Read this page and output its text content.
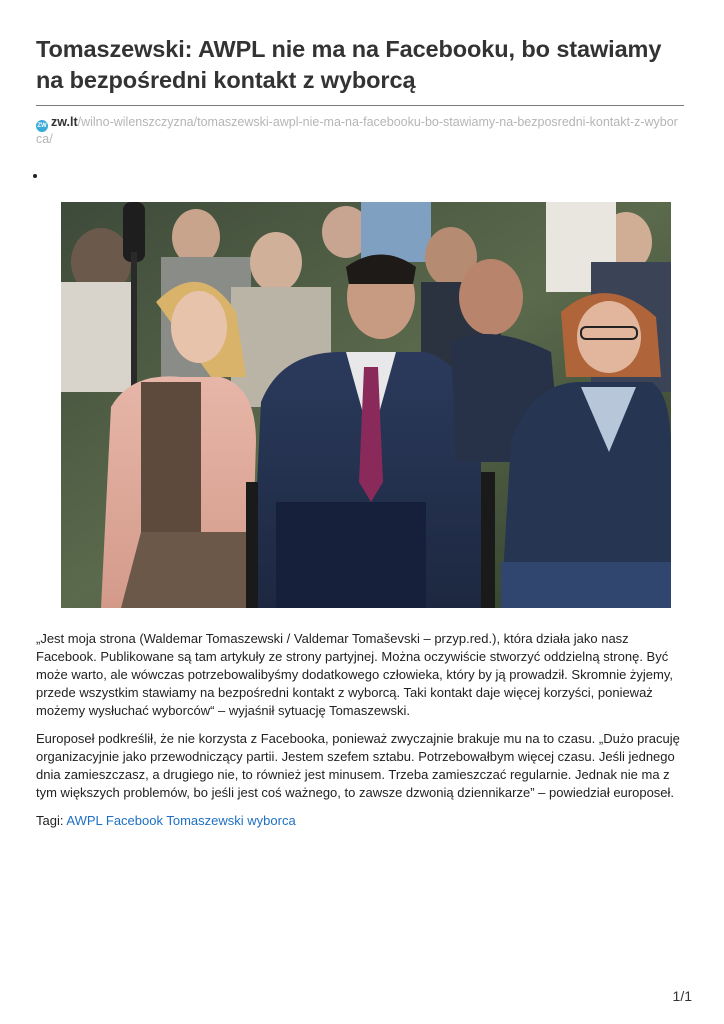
Tomaszewski: AWPL nie ma na Facebooku, bo stawiamy na bezpośredni kontakt z wyborcą
ZW zw.lt/wilno-wilenszczyzna/tomaszewski-awpl-nie-ma-na-facebooku-bo-stawiamy-na-bezposredni-kontakt-z-wyborca/
•

„Jest moja strona (Waldemar Tomaszewski / Valdemar Tomaševski – przyp.red.), która działa jako nasz Facebook. Publikowane są tam artykuły ze strony partyjnej. Można oczywiście stworzyć oddzielną stronę. Być może warto, ale wówczas potrzebowalibyśmy dodatkowego człowieka, który by ją prowadził. Skromnie żyjemy, przede wszystkim stawiamy na bezpośredni kontakt z wyborcą. Taki kontakt daje więcej korzyści, ponieważ możemy wysłuchać wyborców“ – wyjaśnił sytuację Tomaszewski.

Europoseł podkreślił, że nie korzysta z Facebooka, ponieważ zwyczajnie brakuje mu na to czasu. „Dużo pracuję organizacyjnie jako przewodniczący partii. Jestem szefem sztabu. Potrzebowałbym więcej czasu. Jeśli jednego dnia zamieszczasz, a drugiego nie, to również jest minusem. Trzeba zamieszczać regularnie. Jednak nie ma z tym większych problemów, bo jeśli jest coś ważnego, to zawsze dzwonią dziennikarze” – powiedział europoseł.

Tagi: AWPL Facebook Tomaszewski wyborca
1/1
